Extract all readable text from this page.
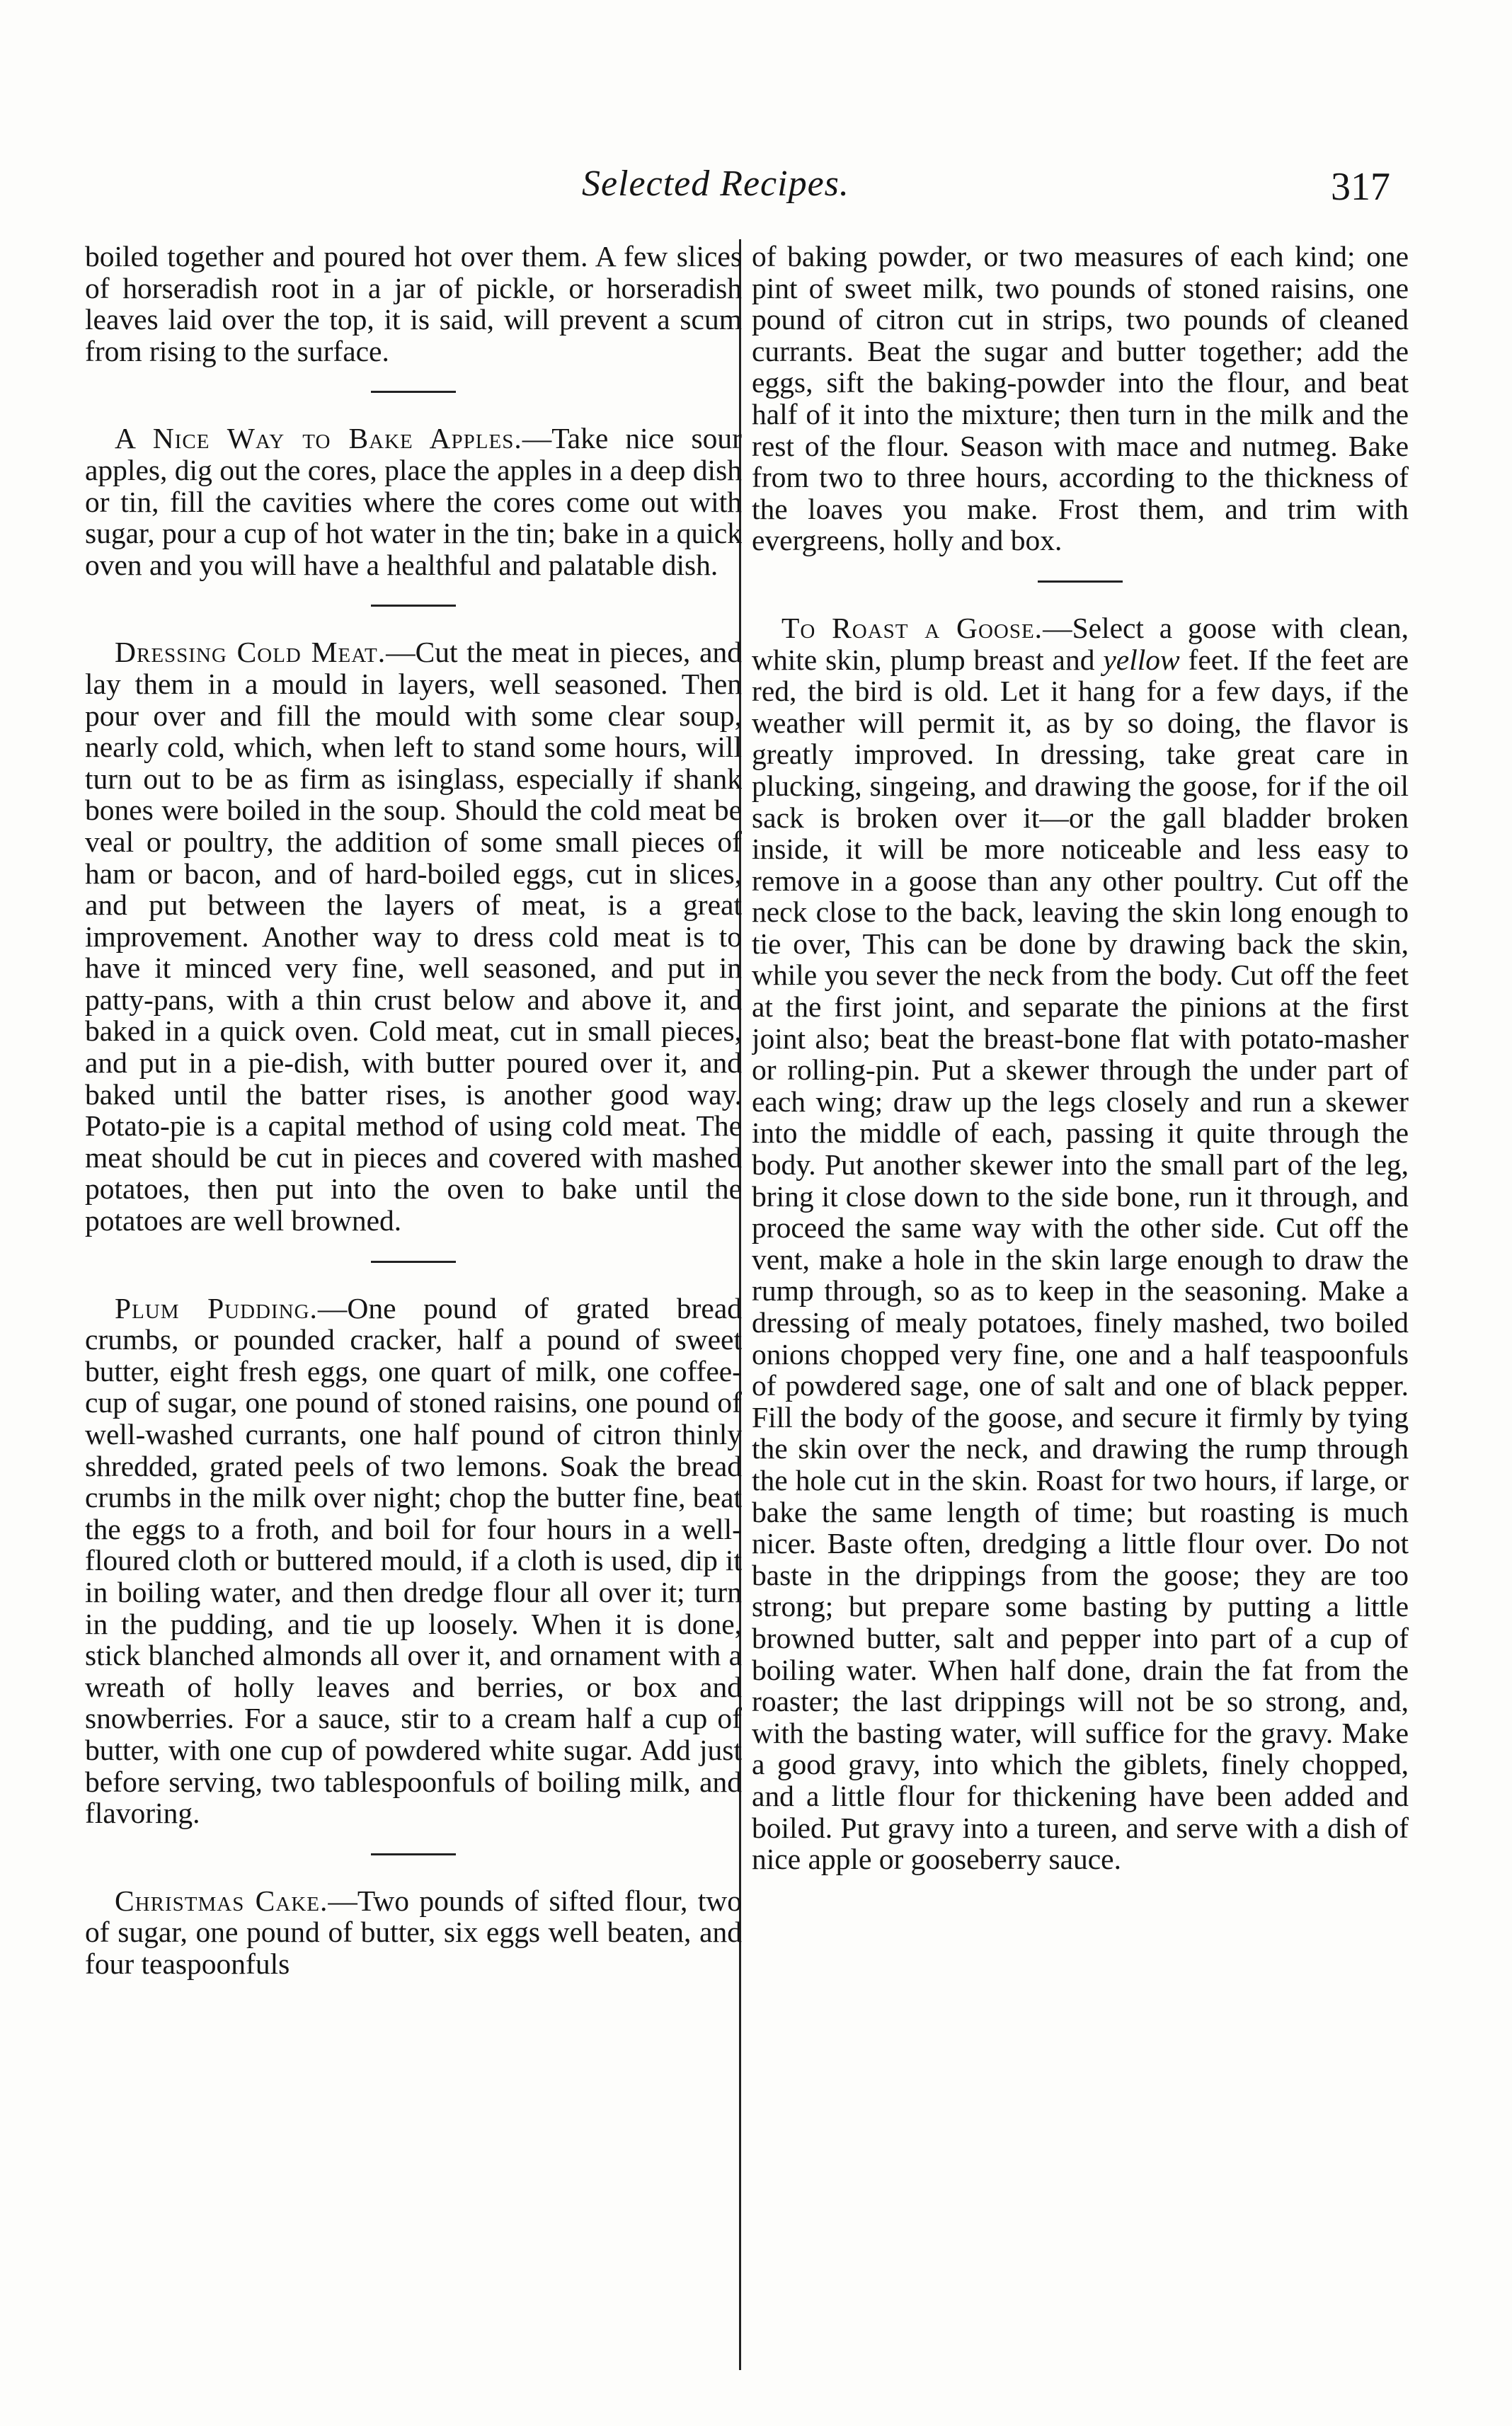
Selected Recipes.	317

boiled together and poured hot over them. A few slices of horseradish root in a jar of pickle, or horseradish leaves laid over the top, it is said, will prevent a scum from rising to the surface.

A Nice Way to Bake Apples.—Take nice sour apples, dig out the cores, place the apples in a deep dish or tin, fill the cavities where the cores come out with sugar, pour a cup of hot water in the tin; bake in a quick oven and you will have a healthful and palatable dish.

Dressing Cold Meat.—Cut the meat in pieces, and lay them in a mould in layers, well seasoned. Then pour over and fill the mould with some clear soup, nearly cold, which, when left to stand some hours, will turn out to be as firm as isinglass, especially if shank bones were boiled in the soup. Should the cold meat be veal or poultry, the addition of some small pieces of ham or bacon, and of hard-boiled eggs, cut in slices, and put between the layers of meat, is a great improvement. Another way to dress cold meat is to have it minced very fine, well seasoned, and put in patty-pans, with a thin crust below and above it, and baked in a quick oven. Cold meat, cut in small pieces, and put in a pie-dish, with butter poured over it, and baked until the batter rises, is another good way. Potato-pie is a capital method of using cold meat. The meat should be cut in pieces and covered with mashed potatoes, then put into the oven to bake until the potatoes are well browned.

Plum Pudding.—One pound of grated bread crumbs, or pounded cracker, half a pound of sweet butter, eight fresh eggs, one quart of milk, one coffee-cup of sugar, one pound of stoned raisins, one pound of well-washed currants, one half pound of citron thinly shredded, grated peels of two lemons. Soak the bread crumbs in the milk over night; chop the butter fine, beat the eggs to a froth, and boil for four hours in a well-floured cloth or buttered mould, if a cloth is used, dip it in boiling water, and then dredge flour all over it; turn in the pudding, and tie up loosely. When it is done, stick blanched almonds all over it, and ornament with a wreath of holly leaves and berries, or box and snowberries. For a sauce, stir to a cream half a cup of butter, with one cup of powdered white sugar. Add just before serving, two tablespoonfuls of boiling milk, and flavoring.

Christmas Cake.—Two pounds of sifted flour, two of sugar, one pound of butter, six eggs well beaten, and four teaspoonfuls

of baking powder, or two measures of each kind; one pint of sweet milk, two pounds of stoned raisins, one pound of citron cut in strips, two pounds of cleaned currants. Beat the sugar and butter together; add the eggs, sift the baking-powder into the flour, and beat half of it into the mixture; then turn in the milk and the rest of the flour. Season with mace and nutmeg. Bake from two to three hours, according to the thickness of the loaves you make. Frost them, and trim with evergreens, holly and box.

To Roast a Goose.—Select a goose with clean, white skin, plump breast and yellow feet. If the feet are red, the bird is old. Let it hang for a few days, if the weather will permit it, as by so doing, the flavor is greatly improved. In dressing, take great care in plucking, singeing, and drawing the goose, for if the oil sack is broken over it—or the gall bladder broken inside, it will be more noticeable and less easy to remove in a goose than any other poultry. Cut off the neck close to the back, leaving the skin long enough to tie over, This can be done by drawing back the skin, while you sever the neck from the body. Cut off the feet at the first joint, and separate the pinions at the first joint also; beat the breast-bone flat with potato-masher or rolling-pin. Put a skewer through the under part of each wing; draw up the legs closely and run a skewer into the middle of each, passing it quite through the body. Put another skewer into the small part of the leg, bring it close down to the side bone, run it through, and proceed the same way with the other side. Cut off the vent, make a hole in the skin large enough to draw the rump through, so as to keep in the seasoning. Make a dressing of mealy potatoes, finely mashed, two boiled onions chopped very fine, one and a half teaspoonfuls of powdered sage, one of salt and one of black pepper. Fill the body of the goose, and secure it firmly by tying the skin over the neck, and drawing the rump through the hole cut in the skin. Roast for two hours, if large, or bake the same length of time; but roasting is much nicer. Baste often, dredging a little flour over. Do not baste in the drippings from the goose; they are too strong; but prepare some basting by putting a little browned butter, salt and pepper into part of a cup of boiling water. When half done, drain the fat from the roaster; the last drippings will not be so strong, and, with the basting water, will suffice for the gravy. Make a good gravy, into which the giblets, finely chopped, and a little flour for thickening have been added and boiled. Put gravy into a tureen, and serve with a dish of nice apple or gooseberry sauce.
